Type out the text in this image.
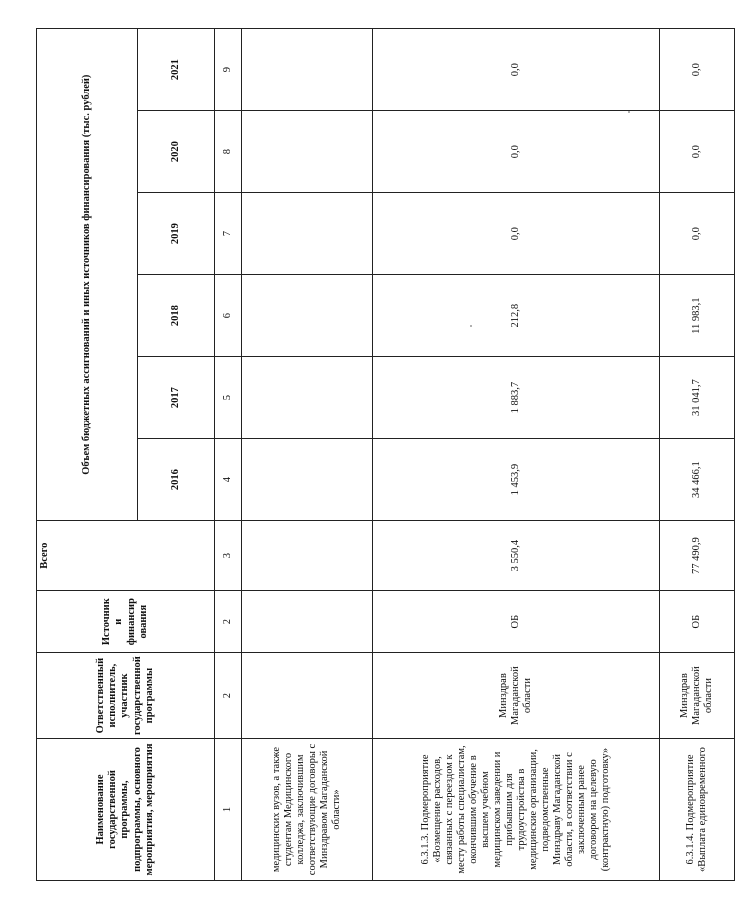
Наименование государственной программы, подпрограммы, основного мероприятия, мероприятия	Ответственный исполнитель, участник государственной программы	Источник и финансир ования	Всего	Объем бюджетных ассигнований и иных источников финансирования (тыс. рублей)					
				2016	2017	2018	2019	2020	2021
1	2	2	3	4	5	6	7	8	9
медицинских вузов, а также студентам Медицинского колледжа, заключившим соответствующие договоры с Минздравом Магаданской области»									
6.3.1.3. Подмероприятие «Возмещение расходов, связанных с переездом к месту работы специалистам, окончившим обучение в высшем учебном медицинском заведении и прибывшим для трудоустройства в медицинские организации, подведомственные Минздраву Магаданской области, в соответствии с заключенным ранее договором на целевую (контрактную) подготовку»	Минздрав Магаданской области	ОБ	3 550,4	1 453,9	1 883,7	212,8	0,0	0,0	0,0
6.3.1.4. Подмероприятие «Выплата единовременного	Минздрав Магаданской области	ОБ	77 490,9	34 466,1	31 041,7	11 983,1	0,0	0,0	0,0
